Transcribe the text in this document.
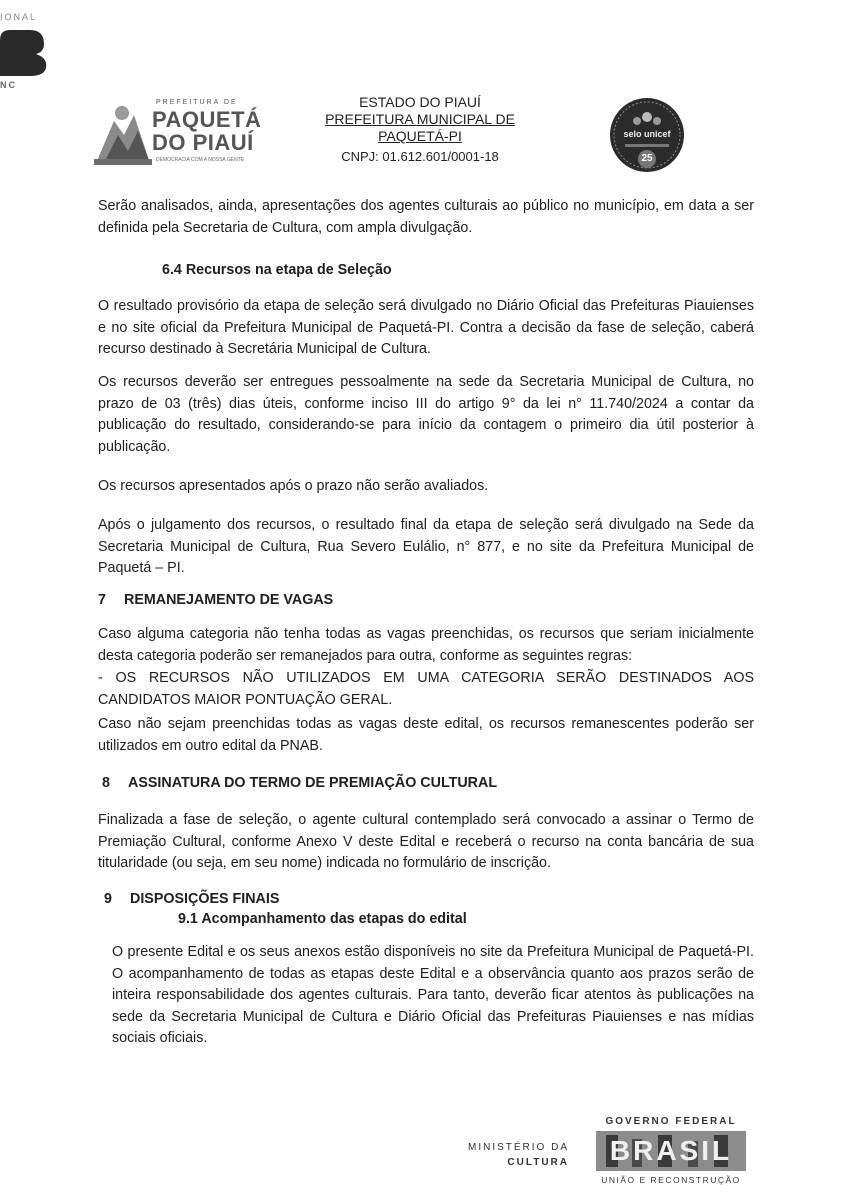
IONAL
NC
PREFEITURA DE
PAQUETÁ
DO PIAUÍ
DEMOCRACIA COM A NOSSA GENTE
ESTADO DO PIAUÍ
PREFEITURA MUNICIPAL DE
PAQUETÁ-PI
CNPJ: 01.612.601/0001-18
selo unicef
25

Serão analisados, ainda, apresentações dos agentes culturais ao público no município, em data a ser definida pela Secretaria de Cultura, com ampla divulgação.

6.4 Recursos na etapa de Seleção

O resultado provisório da etapa de seleção será divulgado no Diário Oficial das Prefeituras Piauienses e no site oficial da Prefeitura Municipal de Paquetá-PI. Contra a decisão da fase de seleção, caberá recurso destinado à Secretária Municipal de Cultura.

Os recursos deverão ser entregues pessoalmente na sede da Secretaria Municipal de Cultura, no prazo de 03 (três) dias úteis, conforme inciso III do artigo 9° da lei n° 11.740/2024 a contar da publicação do resultado, considerando-se para início da contagem o primeiro dia útil posterior à publicação.

Os recursos apresentados após o prazo não serão avaliados.

Após o julgamento dos recursos, o resultado final da etapa de seleção será divulgado na Sede da Secretaria Municipal de Cultura, Rua Severo Eulálio, n° 877, e no site da Prefeitura Municipal de Paquetá – PI.

7 REMANEJAMENTO DE VAGAS

Caso alguma categoria não tenha todas as vagas preenchidas, os recursos que seriam inicialmente desta categoria poderão ser remanejados para outra, conforme as seguintes regras:

- OS RECURSOS NÃO UTILIZADOS EM UMA CATEGORIA SERÃO DESTINADOS AOS CANDIDATOS MAIOR PONTUAÇÃO GERAL.

Caso não sejam preenchidas todas as vagas deste edital, os recursos remanescentes poderão ser utilizados em outro edital da PNAB.

8 ASSINATURA DO TERMO DE PREMIAÇÃO CULTURAL

Finalizada a fase de seleção, o agente cultural contemplado será convocado a assinar o Termo de Premiação Cultural, conforme Anexo V deste Edital e receberá o recurso na conta bancária de sua titularidade (ou seja, em seu nome) indicada no formulário de inscrição.

9 DISPOSIÇÕES FINAIS
9.1 Acompanhamento das etapas do edital

O presente Edital e os seus anexos estão disponíveis no site da Prefeitura Municipal de Paquetá-PI. O acompanhamento de todas as etapas deste Edital e a observância quanto aos prazos serão de inteira responsabilidade dos agentes culturais. Para tanto, deverão ficar atentos às publicações na sede da Secretaria Municipal de Cultura e Diário Oficial das Prefeituras Piauienses e nas mídias sociais oficiais.

MINISTÉRIO DA
CULTURA
GOVERNO FEDERAL
BRASIL
UNIÃO E RECONSTRUÇÃO
